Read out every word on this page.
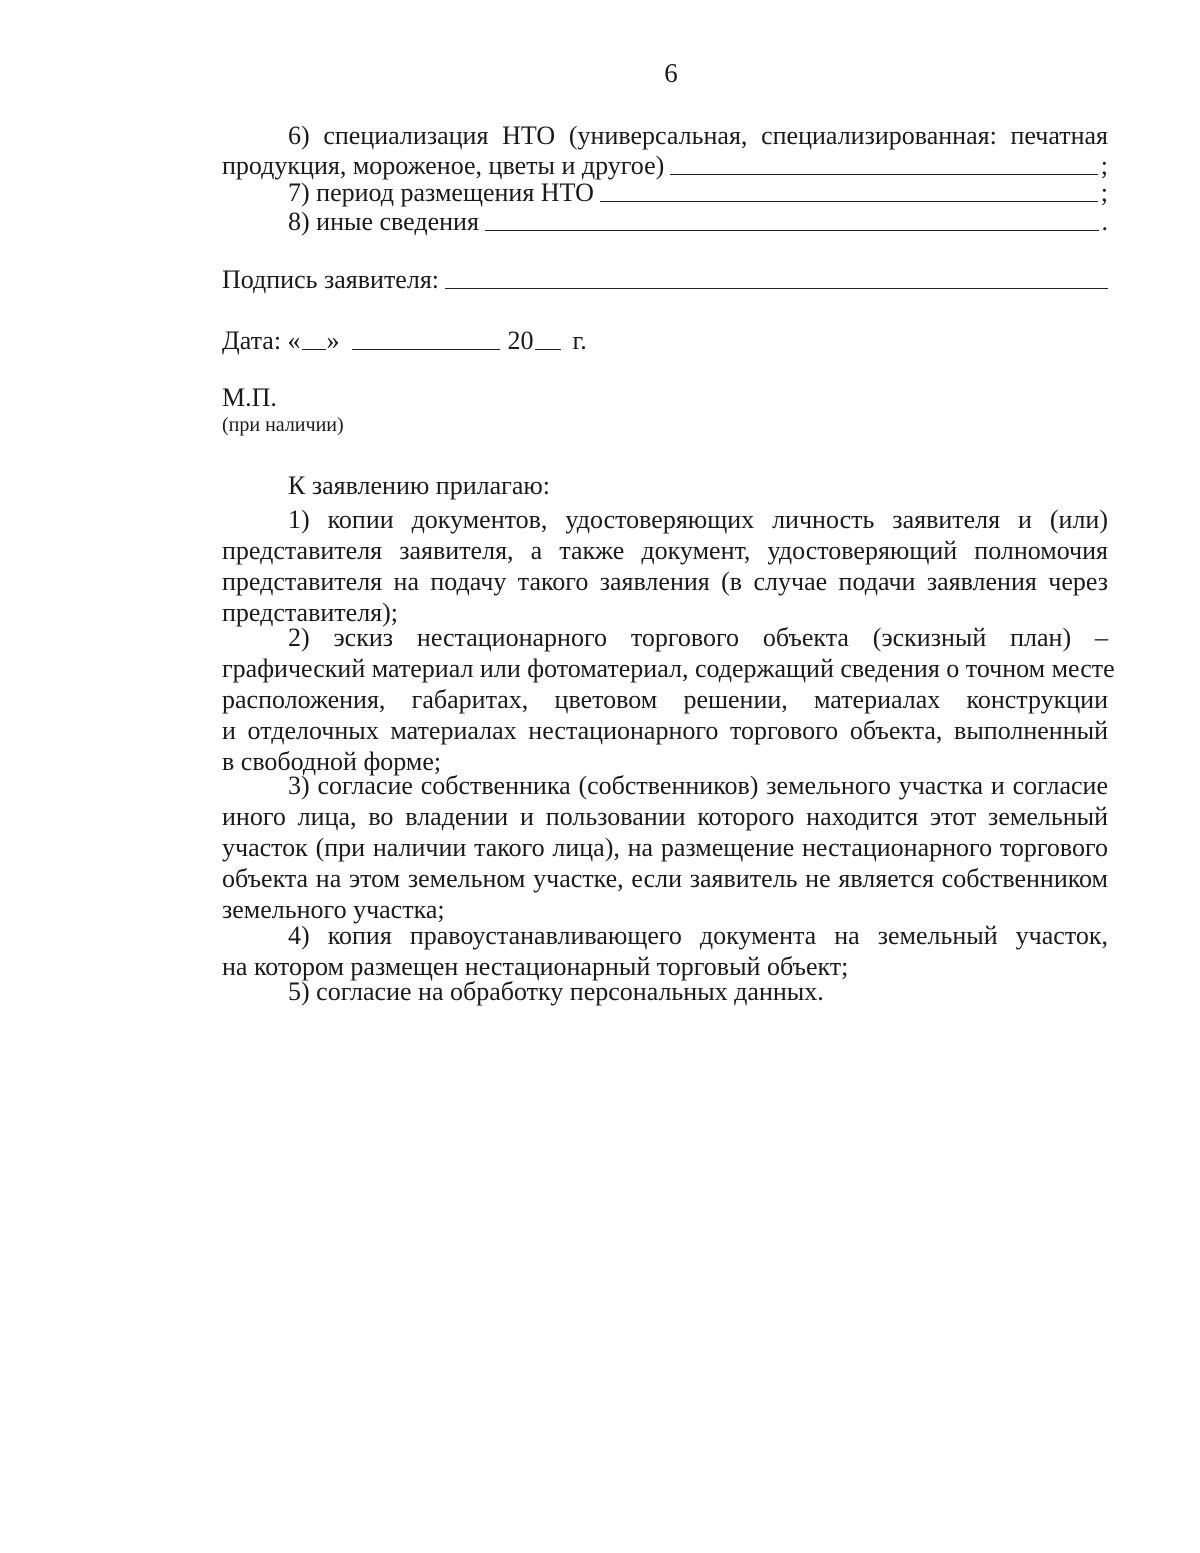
6
6) специализация НТО (универсальная, специализированная: печатная
продукция, мороженое, цветы и другое)	;
7) период размещения НТО	;
8) иные сведения	.
Подпись заявителя:
Дата: « »	20 г.
М.П.
(при наличии)
К заявлению прилагаю:
1) копии документов, удостоверяющих личность заявителя и (или)
представителя заявителя, а также документ, удостоверяющий полномочия
представителя на подачу такого заявления (в случае подачи заявления через
представителя);
2) эскиз нестационарного торгового объекта (эскизный план) –
графический материал или фотоматериал, содержащий сведения о точном месте
расположения, габаритах, цветовом решении, материалах конструкции
и отделочных материалах нестационарного торгового объекта, выполненный
в свободной форме;
3) согласие собственника (собственников) земельного участка и согласие
иного лица, во владении и пользовании которого находится этот земельный
участок (при наличии такого лица), на размещение нестационарного торгового
объекта на этом земельном участке, если заявитель не является собственником
земельного участка;
4) копия правоустанавливающего документа на земельный участок,
на котором размещен нестационарный торговый объект;
5) согласие на обработку персональных данных.
